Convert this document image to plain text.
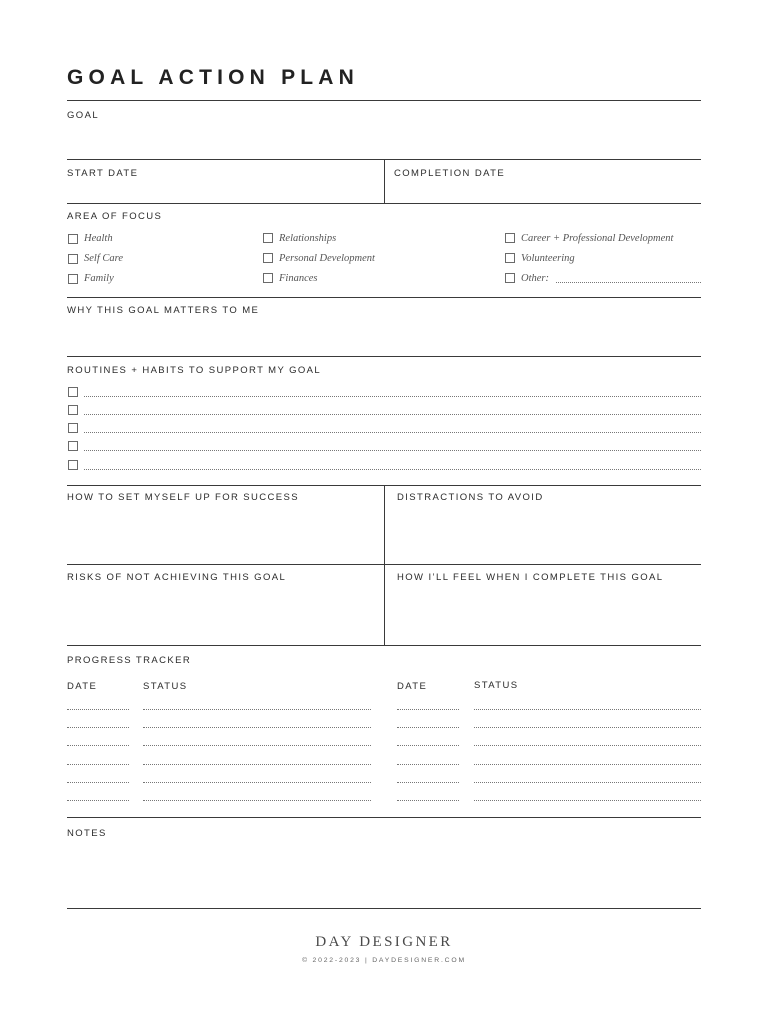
GOAL ACTION PLAN
GOAL
START DATE	COMPLETION DATE
AREA OF FOCUS
Health
Self Care
Family
Relationships
Personal Development
Finances
Career + Professional Development
Volunteering
Other:
WHY THIS GOAL MATTERS TO ME
ROUTINES + HABITS TO SUPPORT MY GOAL
HOW TO SET MYSELF UP FOR SUCCESS	DISTRACTIONS TO AVOID
RISKS OF NOT ACHIEVING THIS GOAL	HOW I’LL FEEL WHEN I COMPLETE THIS GOAL
PROGRESS TRACKER
DATE	STATUS	DATE	STATUS
NOTES
DAY DESIGNER
© 2022-2023 | DAYDESIGNER.COM
